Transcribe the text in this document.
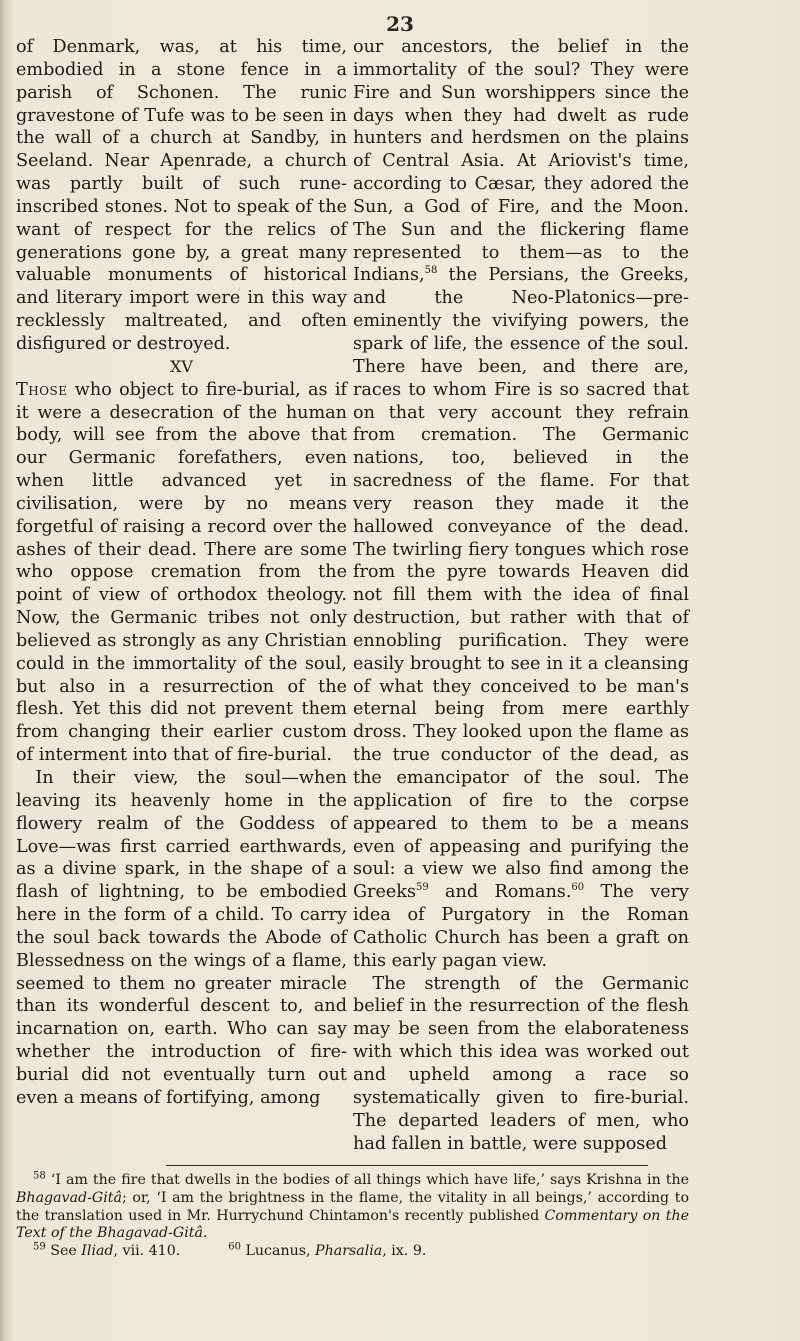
23

of Denmark, was, at his time, embodied in a stone fence in a parish of Schonen. The runic gravestone of Tufe was to be seen in the wall of a church at Sandby, in Seeland. Near Apenrade, a church was partly built of such rune-inscribed stones. Not to speak of the want of respect for the relics of generations gone by, a great many valuable monuments of historical and literary import were in this way recklessly maltreated, and often disfigured or destroyed.

XV

Those who object to fire-burial, as if it were a desecration of the human body, will see from the above that our Germanic forefathers, even when little advanced yet in civilisation, were by no means forgetful of raising a record over the ashes of their dead. There are some who oppose cremation from the point of view of orthodox theology. Now, the Germanic tribes not only believed as strongly as any Christian could in the immortality of the soul, but also in a resurrection of the flesh. Yet this did not prevent them from changing their earlier custom of interment into that of fire-burial.

In their view, the soul—when leaving its heavenly home in the flowery realm of the Goddess of Love—was first carried earthwards, as a divine spark, in the shape of a flash of lightning, to be embodied here in the form of a child. To carry the soul back towards the Abode of Blessedness on the wings of a flame, seemed to them no greater miracle than its wonderful descent to, and incarnation on, earth. Who can say whether the introduction of fire-burial did not eventually turn out even a means of fortifying, among

our ancestors, the belief in the immortality of the soul? They were Fire and Sun worshippers since the days when they had dwelt as rude hunters and herdsmen on the plains of Central Asia. At Ariovist's time, according to Cæsar, they adored the Sun, a God of Fire, and the Moon. The Sun and the flickering flame represented to them—as to the Indians,$^{58}$ the Persians, the Greeks, and the Neo-Platonics—pre-eminently the vivifying powers, the spark of life, the essence of the soul. There have been, and there are, races to whom Fire is so sacred that on that very account they refrain from cremation. The Germanic nations, too, believed in the sacredness of the flame. For that very reason they made it the hallowed conveyance of the dead. The twirling fiery tongues which rose from the pyre towards Heaven did not fill them with the idea of final destruction, but rather with that of ennobling purification. They were easily brought to see in it a cleansing of what they conceived to be man's eternal being from mere earthly dross. They looked upon the flame as the true conductor of the dead, as the emancipator of the soul. The application of fire to the corpse appeared to them to be a means even of appeasing and purifying the soul: a view we also find among the Greeks$^{59}$ and Romans.$^{60}$ The very idea of Purgatory in the Roman Catholic Church has been a graft on this early pagan view.

The strength of the Germanic belief in the resurrection of the flesh may be seen from the elaborateness with which this idea was worked out and upheld among a race so systematically given to fire-burial. The departed leaders of men, who had fallen in battle, were supposed

$^{58}$ ‘I am the fire that dwells in the bodies of all things which have life,’ says Krishna in the Bhagavad-Gitâ; or, ‘I am the brightness in the flame, the vitality in all beings,’ according to the translation used in Mr. Hurrychund Chintamon's recently published Commentary on the Text of the Bhagavad-Gitâ.

$^{59}$ See Iliad, vii. 410.	$^{60}$ Lucanus, Pharsalia, ix. 9.
